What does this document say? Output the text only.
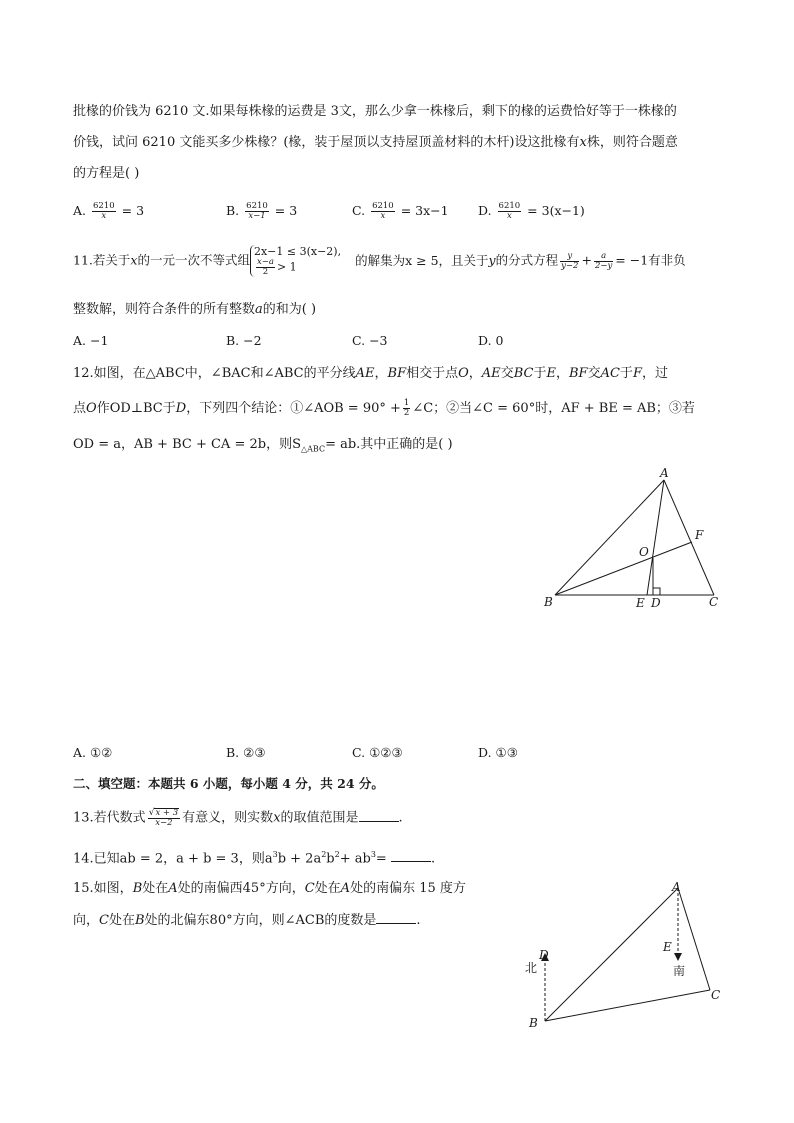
批椽的价钱为 6210 文.如果每株椽的运费是 3文，那么少拿一株椽后，剩下的椽的运费恰好等于一株椽的
价钱，试问 6210 文能买多少株椽？(椽，装于屋顶以支持屋顶盖材料的木杆)设这批椽有x株，则符合题意
的方程是( )
A. $\frac{6210}{x} = 3$	B. $\frac{6210}{x-1} = 3$	C. $\frac{6210}{x} = 3x-1$ D. $\frac{6210}{x} = 3(x-1)$
11.若关于x的一元一次不等式组
2x−1 ≤ 3(x−2),
$\frac{x-a}{2} > 1$	的解集为x ≥ 5，且关于y的分式方程 $\frac{y}{y-2} + \frac{a}{2-y} = -1$有非负
整数解，则符合条件的所有整数a的和为( )
A. −1	B. −2	C. −3	D. 0
12.如图，在△ABC中，∠BAC和∠ABC的平分线AE，BF相交于点O，AE交BC于E，BF交AC于F，过
点O作OD⊥BC于D，下列四个结论：①∠AOB = $90^\circ + \frac{1}{2}$ ∠C；②当∠C = 60°时，AF + BE = AB；③若
OD = a，AB + BC + CA = 2b，则$S_{\triangle ABC}=$ ab.其中正确的是( )
A
B	C
O
F
E D
A. ①②	B. ②③	C. ①②③	D. ①③
二、填空题：本题共 6 小题，每小题 4 分，共 24 分。
13.若代数式 $\frac{√x + 3}{x-2}$ 有意义，则实数x的取值范围是	.
14.已知ab = 2，a + b = 3，则$a^3b + 2a^2b^2+ ab^3=$	.
15.如图，B处在A处的南偏西45°方向，C处在A处的南偏东 15 度方
向，C处在B处的北偏东80°方向，则∠ACB的度数是	.
A
B
C
D
E
北	南
